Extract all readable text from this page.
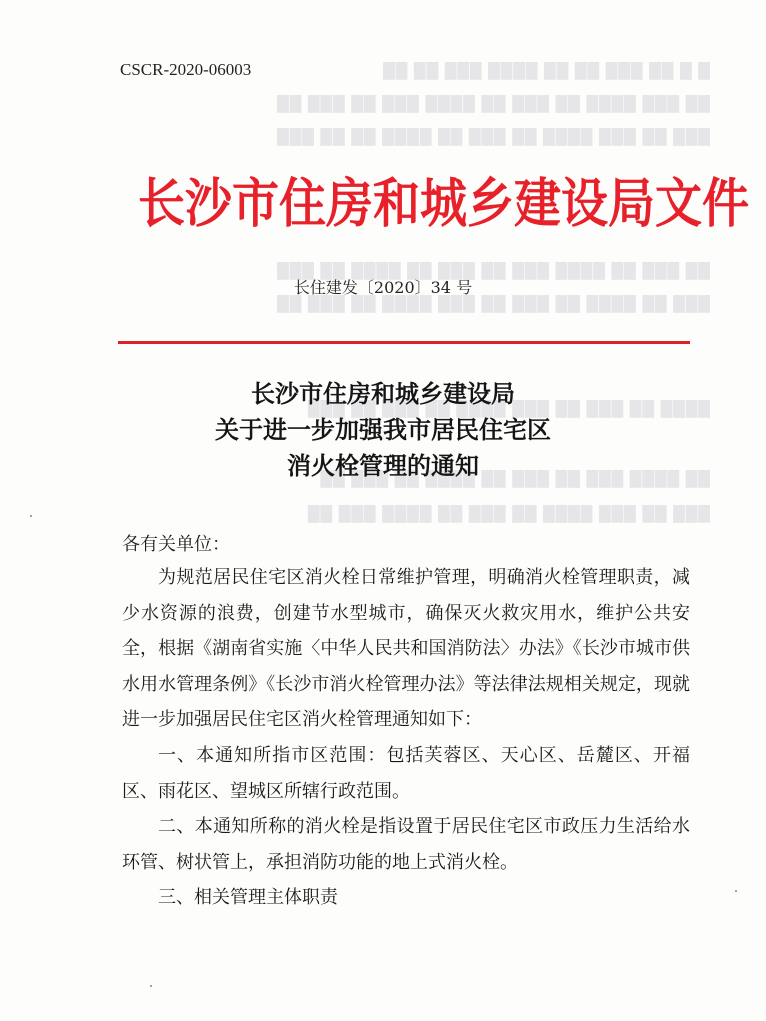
█ █ ██ ███ ██ ██ ████ ███ ██ ██
██ ███ ████ ██ ███ ██ ████ ███ ██ ███ ██
███ ██ ███ ████ ██ ███ ██ ████ ██ ██ ███
██ ███ ██ ████ ███ ██ ███ ██ ████ ██ ███
███ ██ ████ ██ ███ ██ ███ ████ ██ ███ ██
████ ██ ███ ██ ███ ████ ██ ███ ██ ███
██ ████ ███ ██ ███ ██ ████ ██ ███ ██
███ ██ ███ ████ ██ ███ ██ ████ ███ ██
CSCR-2020-06003
长沙市住房和城乡建设局文件
长住建发〔2020〕34 号
长沙市住房和城乡建设局
关于进一步加强我市居民住宅区
消火栓管理的通知
各有关单位：

为规范居民住宅区消火栓日常维护管理，明确消火栓管理职责，减少水资源的浪费，创建节水型城市，确保灭火救灾用水，维护公共安全，根据《湖南省实施〈中华人民共和国消防法〉办法》《长沙市城市供水用水管理条例》《长沙市消火栓管理办法》等法律法规相关规定，现就进一步加强居民住宅区消火栓管理通知如下：

一、本通知所指市区范围：包括芙蓉区、天心区、岳麓区、开福区、雨花区、望城区所辖行政范围。

二、本通知所称的消火栓是指设置于居民住宅区市政压力生活给水环管、树状管上，承担消防功能的地上式消火栓。

三、相关管理主体职责
